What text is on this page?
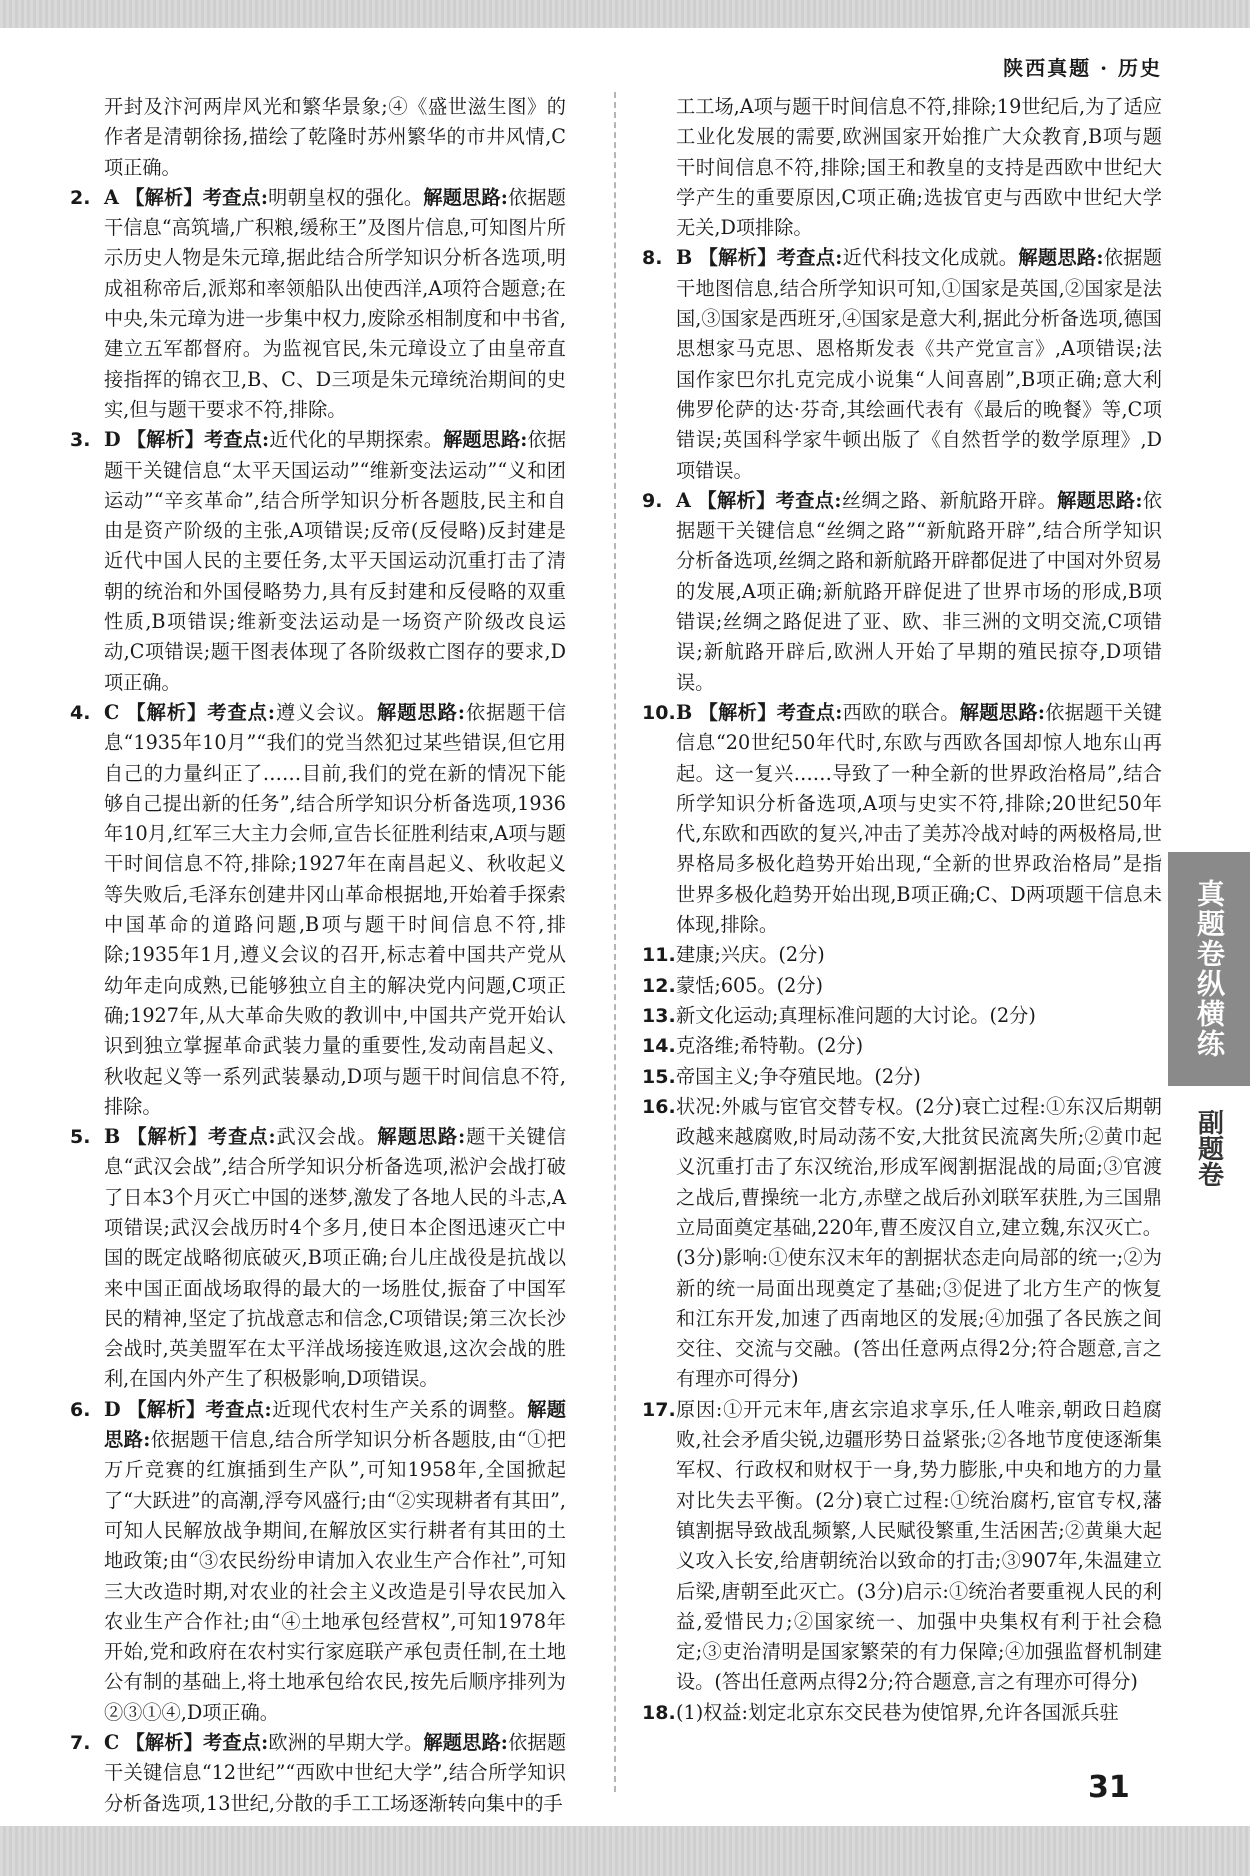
陕西真题 · 历史
开封及汴河两岸风光和繁华景象;④《盛世滋生图》的作者是清朝徐扬,描绘了乾隆时苏州繁华的市井风情,C项正确。
2. A 【解析】考查点:明朝皇权的强化。解题思路:依据题干信息“高筑墙,广积粮,缓称王”及图片信息,可知图片所示历史人物是朱元璋,据此结合所学知识分析各选项,明成祖称帝后,派郑和率领船队出使西洋,A项符合题意;在中央,朱元璋为进一步集中权力,废除丞相制度和中书省,建立五军都督府。为监视官民,朱元璋设立了由皇帝直接指挥的锦衣卫,B、C、D三项是朱元璋统治期间的史实,但与题干要求不符,排除。
3. D 【解析】考查点:近代化的早期探索。解题思路:依据题干关键信息“太平天国运动”“维新变法运动”“义和团运动”“辛亥革命”,结合所学知识分析各题肢,民主和自由是资产阶级的主张,A项错误;反帝(反侵略)反封建是近代中国人民的主要任务,太平天国运动沉重打击了清朝的统治和外国侵略势力,具有反封建和反侵略的双重性质,B项错误;维新变法运动是一场资产阶级改良运动,C项错误;题干图表体现了各阶级救亡图存的要求,D项正确。
4. C 【解析】考查点:遵义会议。解题思路:依据题干信息“1935年10月”“我们的党当然犯过某些错误,但它用自己的力量纠正了……目前,我们的党在新的情况下能够自己提出新的任务”,结合所学知识分析备选项,1936年10月,红军三大主力会师,宣告长征胜利结束,A项与题干时间信息不符,排除;1927年在南昌起义、秋收起义等失败后,毛泽东创建井冈山革命根据地,开始着手探索中国革命的道路问题,B项与题干时间信息不符,排除;1935年1月,遵义会议的召开,标志着中国共产党从幼年走向成熟,已能够独立自主的解决党内问题,C项正确;1927年,从大革命失败的教训中,中国共产党开始认识到独立掌握革命武装力量的重要性,发动南昌起义、秋收起义等一系列武装暴动,D项与题干时间信息不符,排除。
5. B 【解析】考查点:武汉会战。解题思路:题干关键信息“武汉会战”,结合所学知识分析备选项,淞沪会战打破了日本3个月灭亡中国的迷梦,激发了各地人民的斗志,A项错误;武汉会战历时4个多月,使日本企图迅速灭亡中国的既定战略彻底破灭,B项正确;台儿庄战役是抗战以来中国正面战场取得的最大的一场胜仗,振奋了中国军民的精神,坚定了抗战意志和信念,C项错误;第三次长沙会战时,英美盟军在太平洋战场接连败退,这次会战的胜利,在国内外产生了积极影响,D项错误。
6. D 【解析】考查点:近现代农村生产关系的调整。解题思路:依据题干信息,结合所学知识分析各题肢,由“①把万斤竞赛的红旗插到生产队”,可知1958年,全国掀起了“大跃进”的高潮,浮夸风盛行;由“②实现耕者有其田”,可知人民解放战争期间,在解放区实行耕者有其田的土地政策;由“③农民纷纷申请加入农业生产合作社”,可知三大改造时期,对农业的社会主义改造是引导农民加入农业生产合作社;由“④土地承包经营权”,可知1978年开始,党和政府在农村实行家庭联产承包责任制,在土地公有制的基础上,将土地承包给农民,按先后顺序排列为②③①④,D项正确。
7. C 【解析】考查点:欧洲的早期大学。解题思路:依据题干关键信息“12世纪”“西欧中世纪大学”,结合所学知识分析备选项,13世纪,分散的手工工场逐渐转向集中的手
工工场,A项与题干时间信息不符,排除;19世纪后,为了适应工业化发展的需要,欧洲国家开始推广大众教育,B项与题干时间信息不符,排除;国王和教皇的支持是西欧中世纪大学产生的重要原因,C项正确;选拔官吏与西欧中世纪大学无关,D项排除。
8. B 【解析】考查点:近代科技文化成就。解题思路:依据题干地图信息,结合所学知识可知,①国家是英国,②国家是法国,③国家是西班牙,④国家是意大利,据此分析备选项,德国思想家马克思、恩格斯发表《共产党宣言》,A项错误;法国作家巴尔扎克完成小说集“人间喜剧”,B项正确;意大利佛罗伦萨的达·芬奇,其绘画代表有《最后的晚餐》等,C项错误;英国科学家牛顿出版了《自然哲学的数学原理》,D项错误。
9. A 【解析】考查点:丝绸之路、新航路开辟。解题思路:依据题干关键信息“丝绸之路”“新航路开辟”,结合所学知识分析备选项,丝绸之路和新航路开辟都促进了中国对外贸易的发展,A项正确;新航路开辟促进了世界市场的形成,B项错误;丝绸之路促进了亚、欧、非三洲的文明交流,C项错误;新航路开辟后,欧洲人开始了早期的殖民掠夺,D项错误。
10. B 【解析】考查点:西欧的联合。解题思路:依据题干关键信息“20世纪50年代时,东欧与西欧各国却惊人地东山再起。这一复兴……导致了一种全新的世界政治格局”,结合所学知识分析备选项,A项与史实不符,排除;20世纪50年代,东欧和西欧的复兴,冲击了美苏冷战对峙的两极格局,世界格局多极化趋势开始出现,“全新的世界政治格局”是指世界多极化趋势开始出现,B项正确;C、D两项题干信息未体现,排除。
11. 建康;兴庆。(2分)
12. 蒙恬;605。(2分)
13. 新文化运动;真理标准问题的大讨论。(2分)
14. 克洛维;希特勒。(2分)
15. 帝国主义;争夺殖民地。(2分)
16. 状况:外戚与宦官交替专权。(2分)衰亡过程:①东汉后期朝政越来越腐败,时局动荡不安,大批贫民流离失所;②黄巾起义沉重打击了东汉统治,形成军阀割据混战的局面;③官渡之战后,曹操统一北方,赤壁之战后孙刘联军获胜,为三国鼎立局面奠定基础,220年,曹丕废汉自立,建立魏,东汉灭亡。(3分)影响:①使东汉末年的割据状态走向局部的统一;②为新的统一局面出现奠定了基础;③促进了北方生产的恢复和江东开发,加速了西南地区的发展;④加强了各民族之间交往、交流与交融。(答出任意两点得2分;符合题意,言之有理亦可得分)
17. 原因:①开元末年,唐玄宗追求享乐,任人唯亲,朝政日趋腐败,社会矛盾尖锐,边疆形势日益紧张;②各地节度使逐渐集军权、行政权和财权于一身,势力膨胀,中央和地方的力量对比失去平衡。(2分)衰亡过程:①统治腐朽,宦官专权,藩镇割据导致战乱频繁,人民赋役繁重,生活困苦;②黄巢大起义攻入长安,给唐朝统治以致命的打击;③907年,朱温建立后梁,唐朝至此灭亡。(3分)启示:①统治者要重视人民的利益,爱惜民力;②国家统一、加强中央集权有利于社会稳定;③吏治清明是国家繁荣的有力保障;④加强监督机制建设。(答出任意两点得2分;符合题意,言之有理亦可得分)
18. (1)权益:划定北京东交民巷为使馆界,允许各国派兵驻
真题卷纵横练
副题卷
31
